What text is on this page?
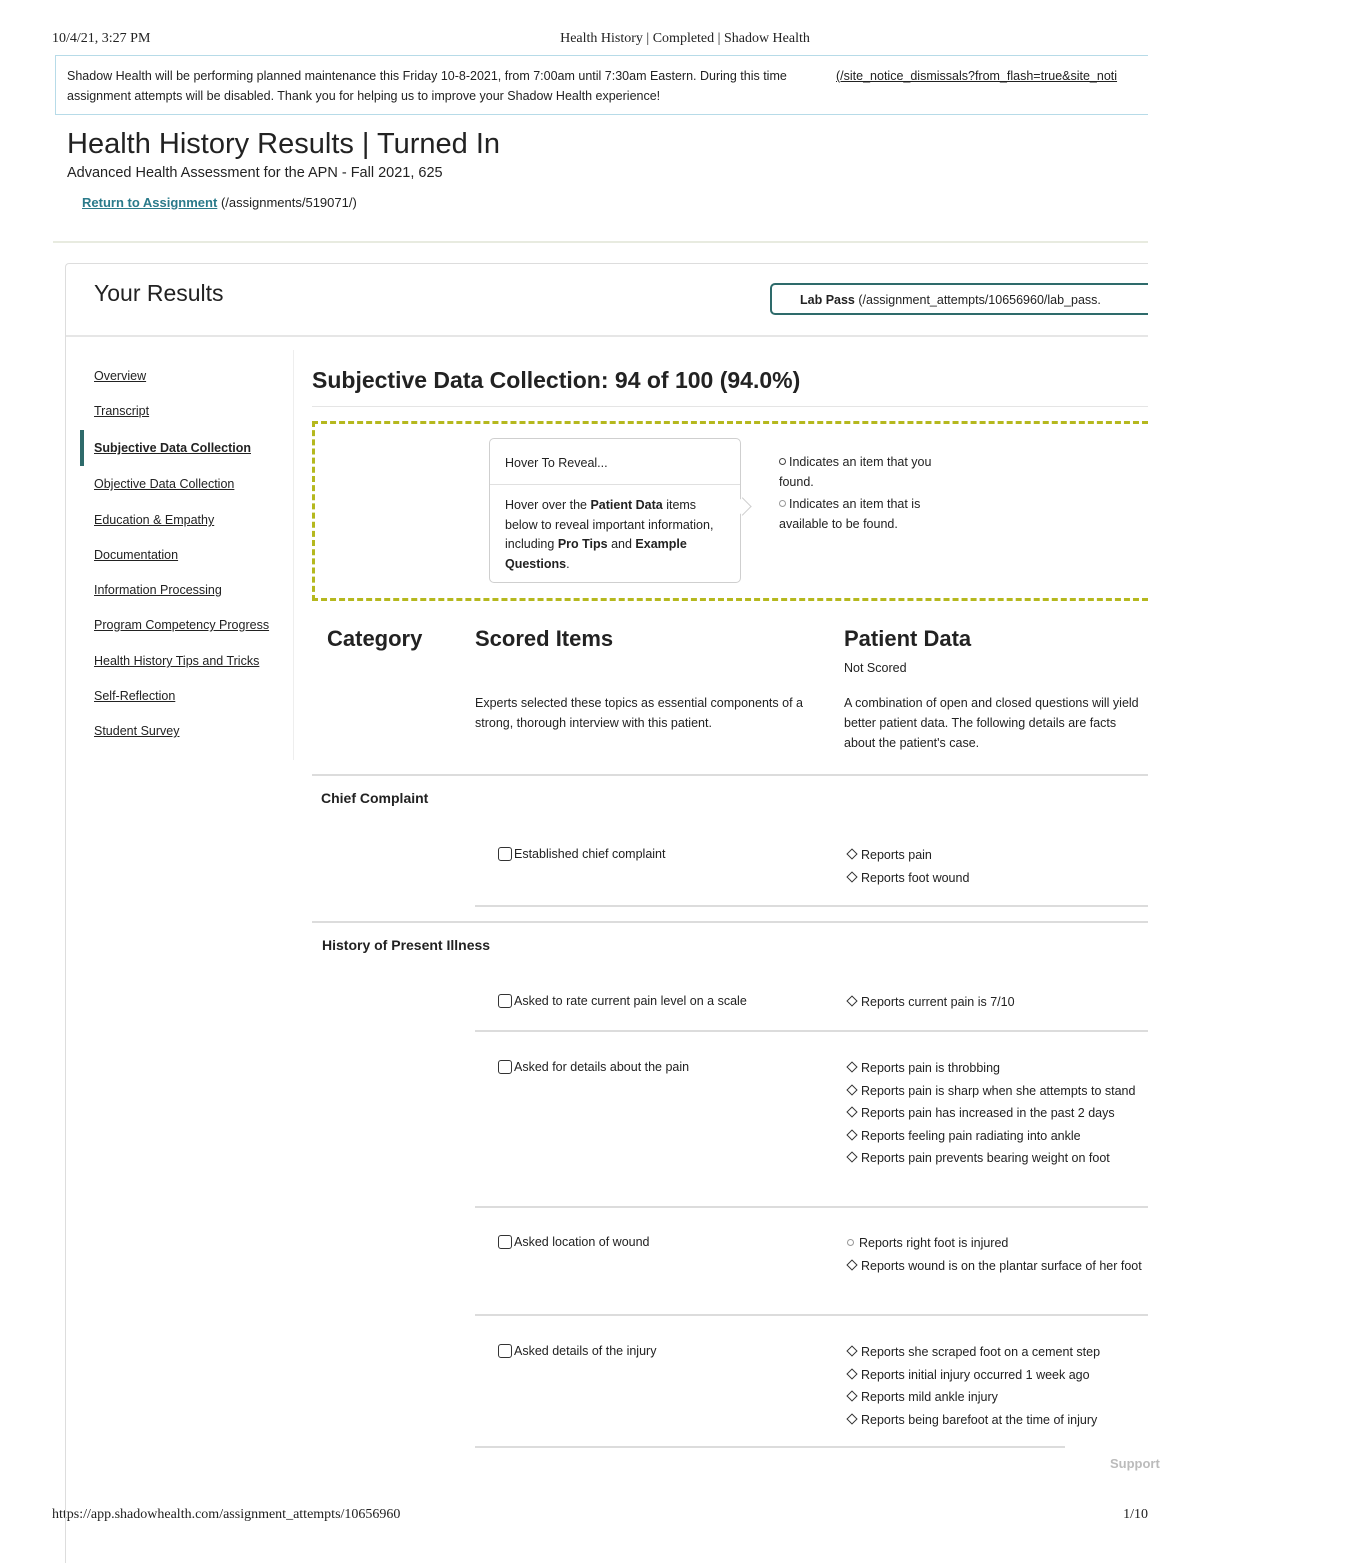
10/4/21, 3:27 PM	Health History | Completed | Shadow Health
https://app.shadowhealth.com/assignment_attempts/10656960	1/10
Shadow Health will be performing planned maintenance this Friday 10-8-2021, from 7:00am until 7:30am Eastern. During this time assignment attempts will be disabled. Thank you for helping us to improve your Shadow Health experience!
(/site_notice_dismissals?from_flash=true&site_noti
Health History Results | Turned In
Advanced Health Assessment for the APN - Fall 2021, 625
Return to Assignment (/assignments/519071/)
Your Results	Lab Pass (/assignment_attempts/10656960/lab_pass.
Overview
Transcript
Subjective Data Collection
Objective Data Collection
Education & Empathy
Documentation
Information Processing
Program Competency Progress
Health History Tips and Tricks
Self-Reflection
Student Survey
Subjective Data Collection: 94 of 100 (94.0%)
Hover To Reveal...
Hover over the Patient Data items below to reveal important information, including Pro Tips and Example Questions.

Indicates an item that you found.

Indicates an item that is available to be found.

Category Scored Items	Patient Data
Not Scored
Experts selected these topics as essential components of a strong, thorough interview with this patient.
A combination of open and closed questions will yield better patient data. The following details are facts about the patient's case.
Chief Complaint
Established chief complaint	Reports pain
Reports foot wound
History of Present Illness
Asked to rate current pain level on a scale	Reports current pain is 7/10
Asked for details about the pain	Reports pain is throbbing
Reports pain is sharp when she attempts to stand
Reports pain has increased in the past 2 days
Reports feeling pain radiating into ankle
Reports pain prevents bearing weight on foot
Asked location of wound	Reports right foot is injured
Reports wound is on the plantar surface of her foot
Asked details of the injury	Reports she scraped foot on a cement step
Reports initial injury occurred 1 week ago
Reports mild ankle injury
Reports being barefoot at the time of injury
Support
